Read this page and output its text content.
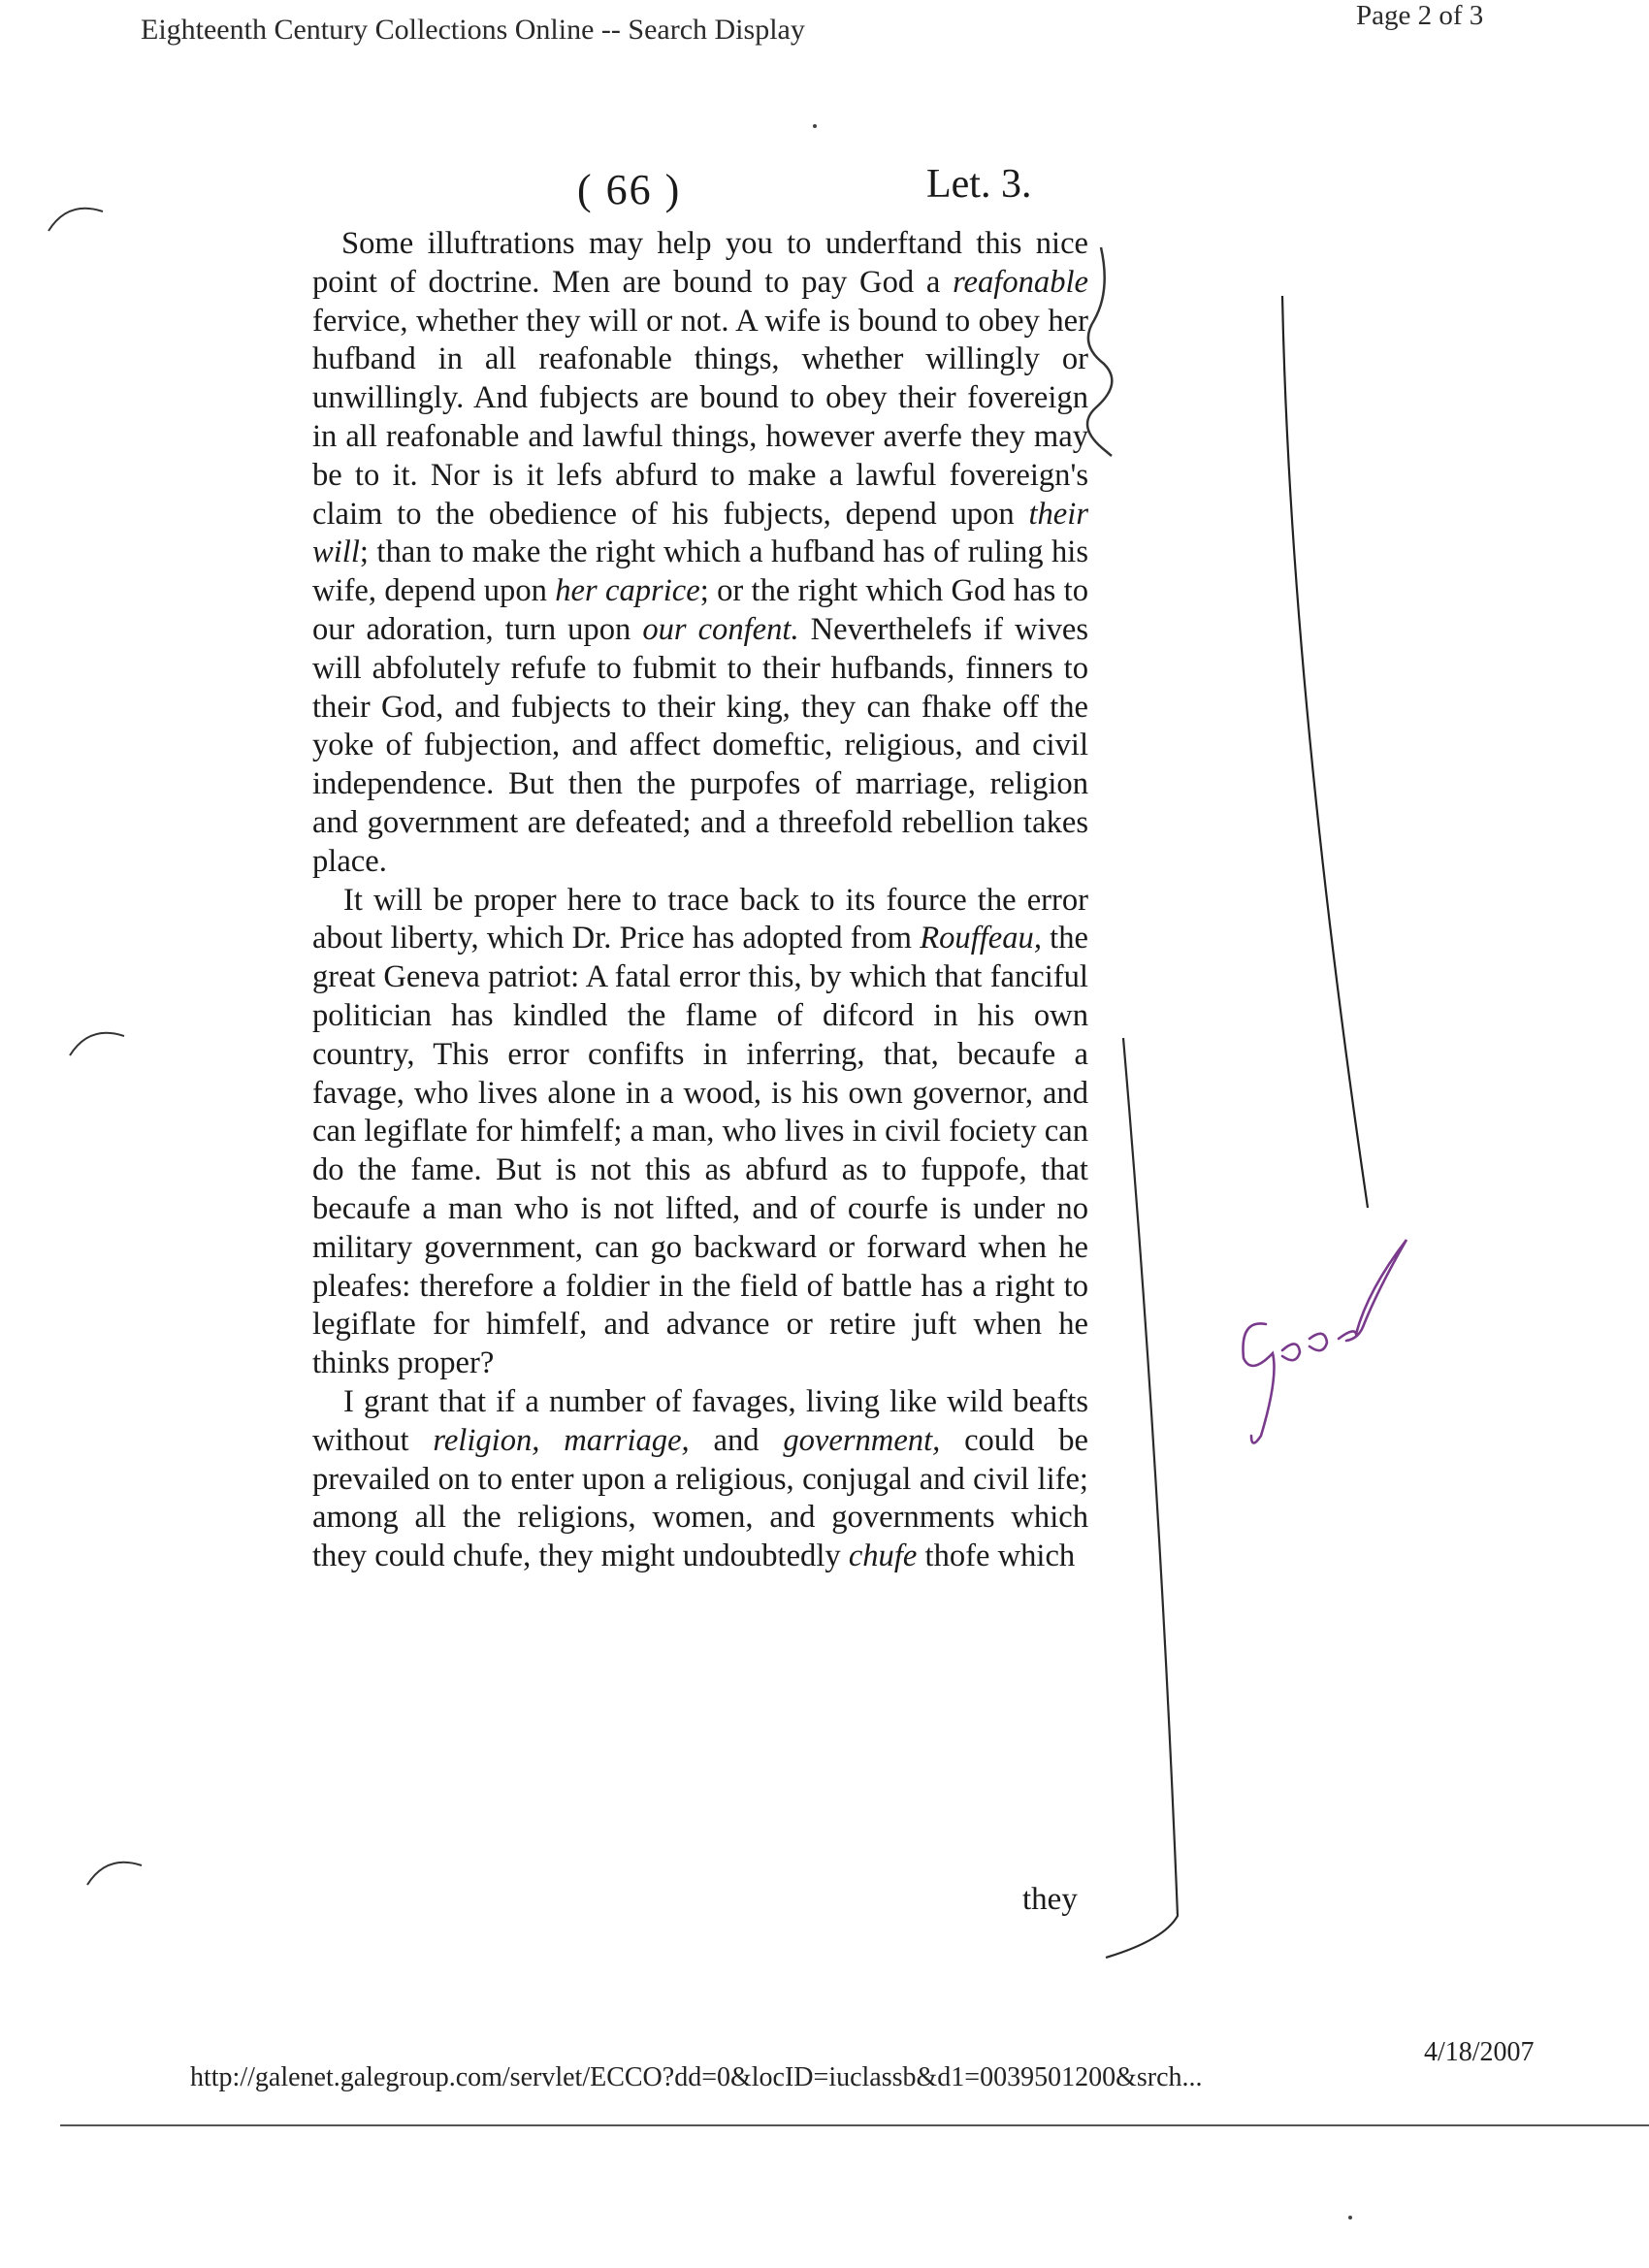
Eighteenth Century Collections Online -- Search Display	Page 2 of 3
( 66 )	Let. 3.

Some illuftrations may help you to underftand this nice point of doctrine. Men are bound to pay God a reafonable fervice, whether they will or not. A wife is bound to obey her hufband in all reafonable things, whether willingly or unwillingly. And fubjects are bound to obey their fovereign in all reafonable and lawful things, however averfe they may be to it. Nor is it lefs abfurd to make a lawful fovereign's claim to the obedience of his fubjects, depend upon their will; than to make the right which a hufband has of ruling his wife, depend upon her caprice; or the right which God has to our adoration, turn upon our confent. Neverthelefs if wives will abfolutely refufe to fubmit to their hufbands, finners to their God, and fubjects to their king, they can fhake off the yoke of fubjection, and affect domeftic, religious, and civil independence. But then the purpofes of marriage, religion and government are defeated; and a threefold rebellion takes place.

It will be proper here to trace back to its fource the error about liberty, which Dr. Price has adopted from Rouffeau, the great Geneva patriot: A fatal error this, by which that fanciful politician has kindled the flame of difcord in his own country, This error confifts in inferring, that, becaufe a favage, who lives alone in a wood, is his own governor, and can legiflate for himfelf; a man, who lives in civil fociety can do the fame. But is not this as abfurd as to fuppofe, that becaufe a man who is not lifted, and of courfe is under no military government, can go backward or forward when he pleafes: therefore a foldier in the field of battle has a right to legiflate for himfelf, and advance or retire juft when he thinks proper?

I grant that if a number of favages, living like wild beafts without religion, marriage, and government, could be prevailed on to enter upon a religious, conjugal and civil life; among all the religions, women, and governments which they could chufe, they might undoubtedly chufe thofe which

they
Good
http://galenet.galegroup.com/servlet/ECCO?dd=0&locID=iuclassb&d1=0039501200&srch...
4/18/2007
